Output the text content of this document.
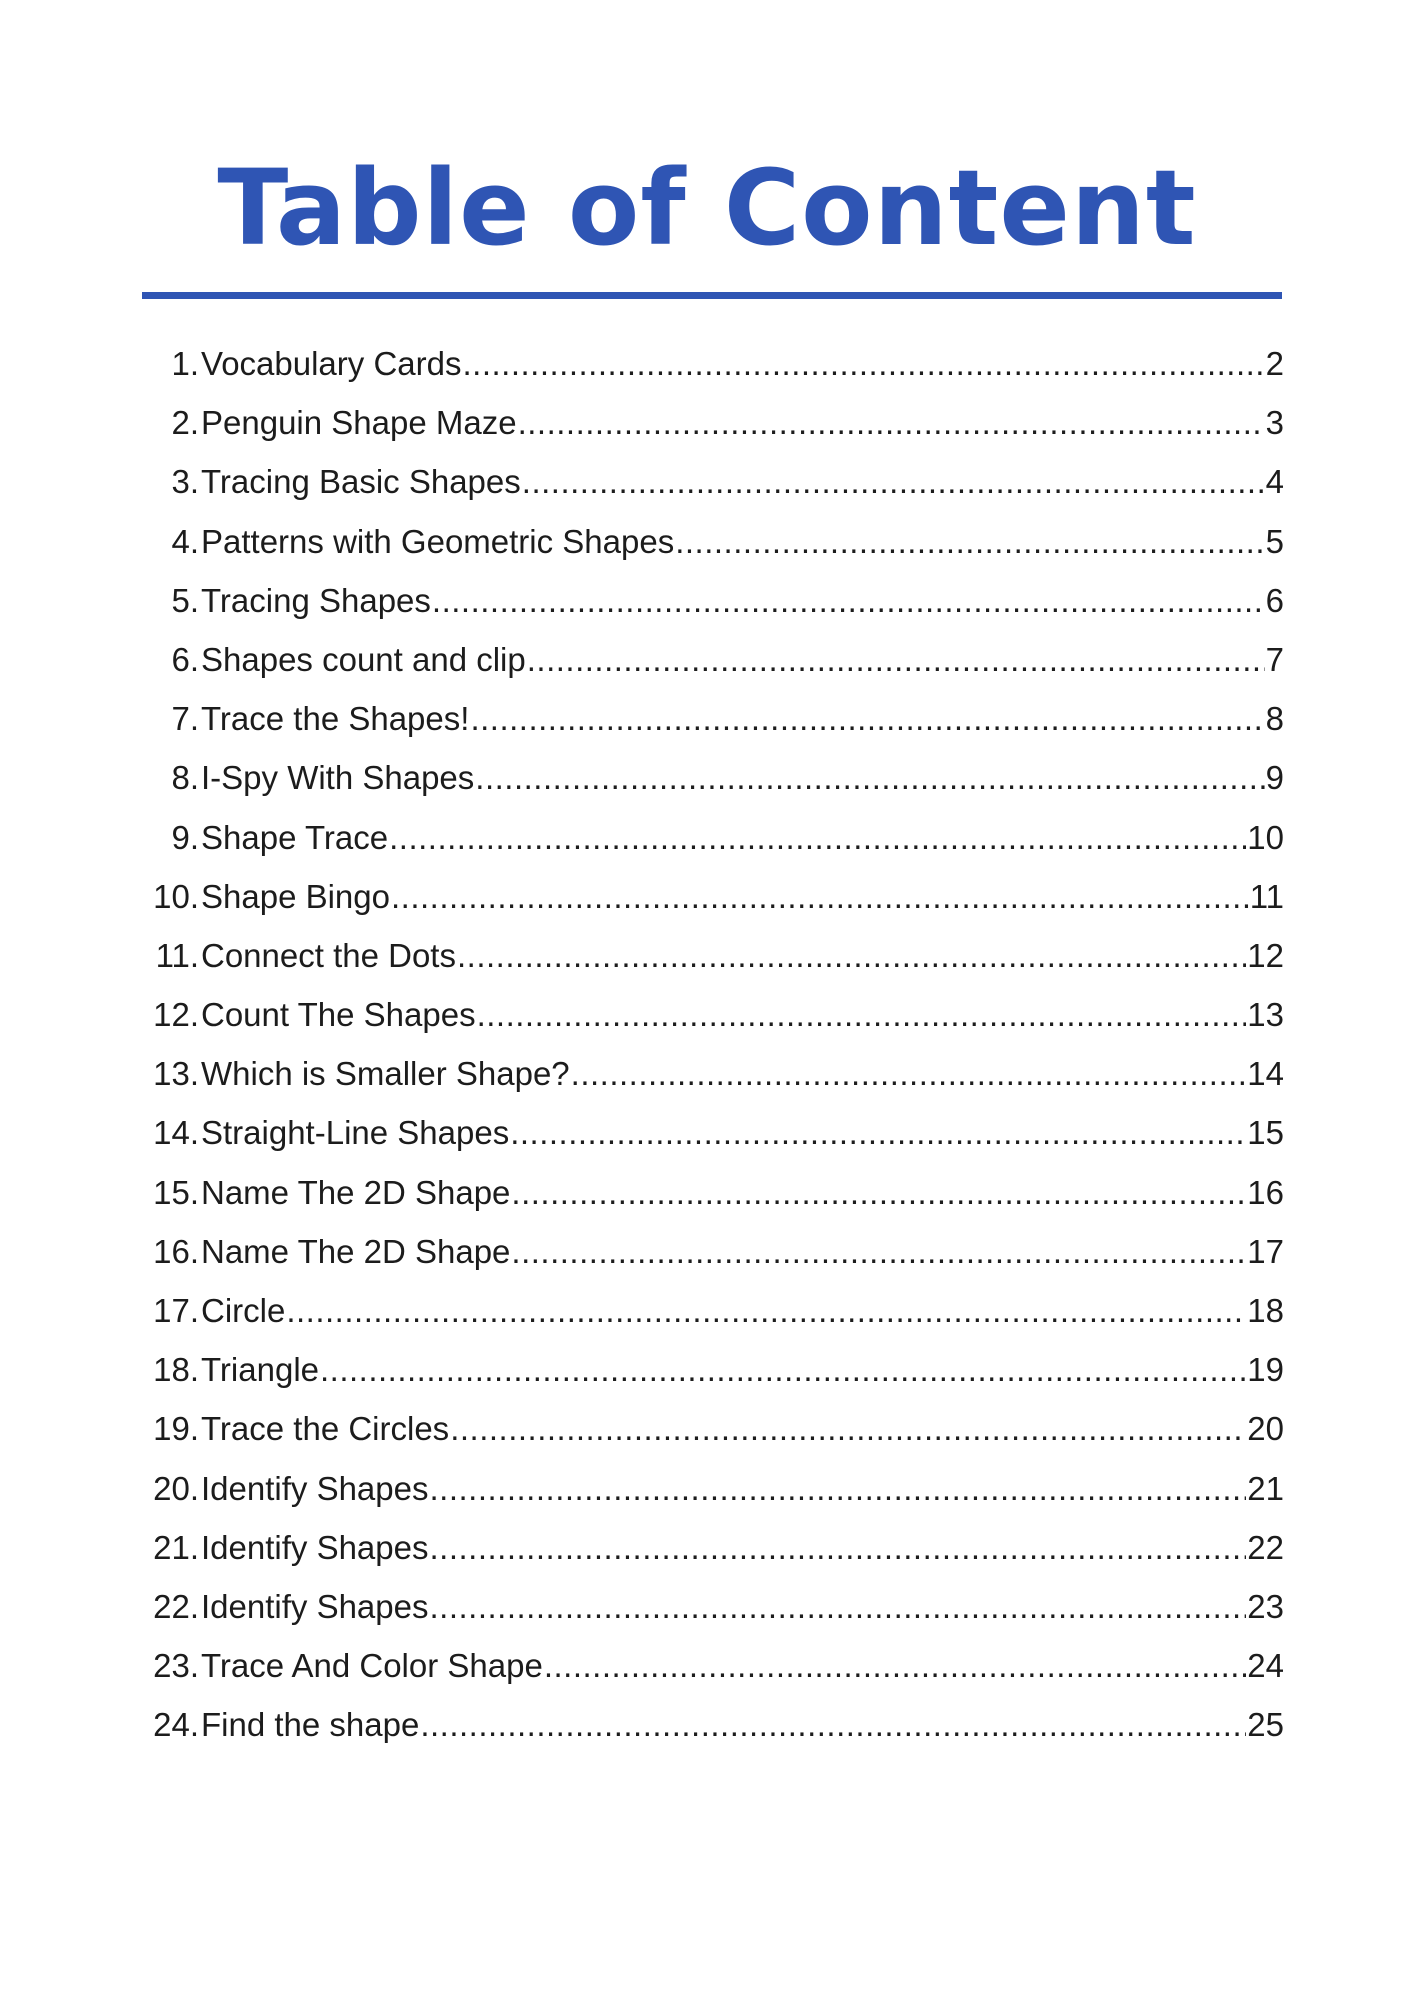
Table of Content
1. Vocabulary Cards .....	2
2. Penguin Shape Maze .....	3
3. Tracing Basic Shapes .....	4
4. Patterns with Geometric Shapes .....	5
5. Tracing Shapes .....	6
6. Shapes count and clip .....	7
7. Trace the Shapes! .....	8
8. I-Spy With Shapes .....	9
9. Shape Trace .....	10
10. Shape Bingo .....	11
11. Connect the Dots .....	12
12. Count The Shapes .....	13
13. Which is Smaller Shape? .....	14
14. Straight-Line Shapes .....	15
15. Name The 2D Shape .....	16
16. Name The 2D Shape .....	17
17. Circle .....	18
18. Triangle .....	19
19. Trace the Circles .....	20
20. Identify Shapes .....	21
21. Identify Shapes .....	22
22. Identify Shapes .....	23
23. Trace And Color Shape .....	24
24. Find the shape .....	25
